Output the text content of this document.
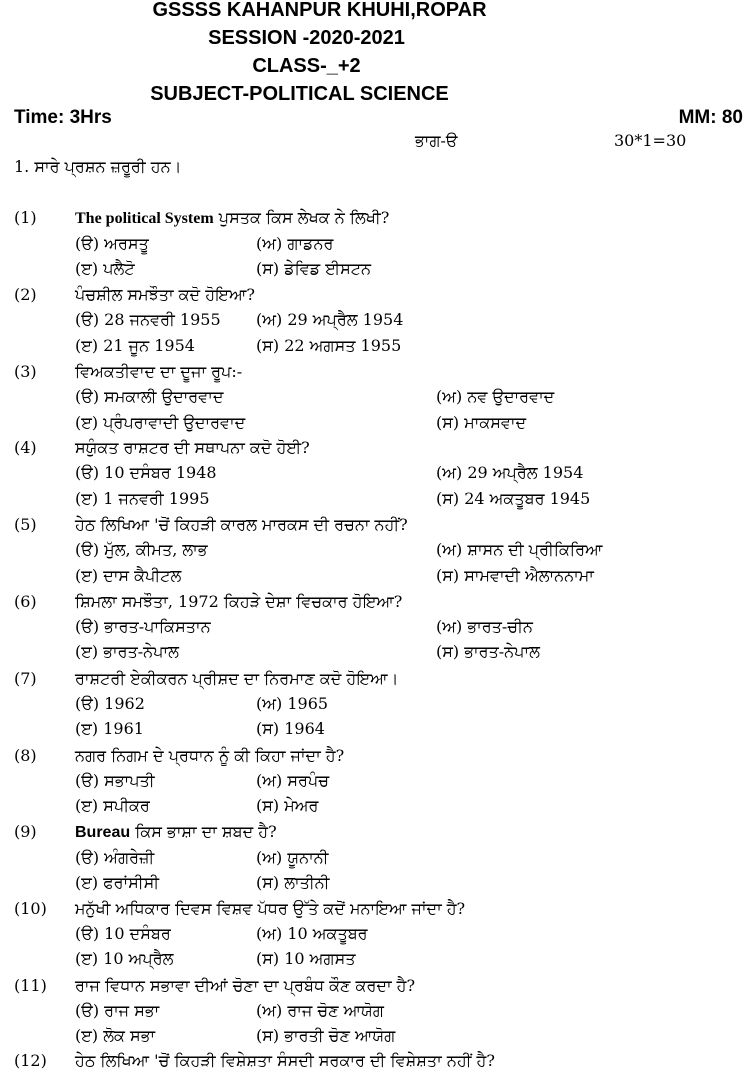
GSSSS KAHANPUR KHUHI,ROPAR
SESSION -2020-2021
CLASS-_+2
SUBJECT-POLITICAL SCIENCE
Time: 3Hrs	MM: 80
ਭਾਗ-ੳ	30*1=30
1. ਸਾਰੇ ਪ੍ਰਸ਼ਨ ਜ਼ਰੂਰੀ ਹਨ।
(1) The political System ਪੁਸਤਕ ਕਿਸ ਲੇਖਕ ਨੇ ਲਿਖੀ?
(ੳ) ਅਰਸਤੂ	(ਅ) ਗਾਡਨਰ
(ੲ) ਪਲੈਟੋ	(ਸ) ਡੇਵਿਡ ਈਸਟਨ
(2) ਪੰਚਸ਼ੀਲ ਸਮਝੌਤਾ ਕਦੋ ਹੋਇਆ?
(ੳ) 28 ਜਨਵਰੀ 1955 (ਅ) 29 ਅਪ੍ਰੈਲ 1954
(ੲ) 21 ਜੂਨ 1954	(ਸ) 22 ਅਗਸਤ 1955
(3) ਵਿਅਕਤੀਵਾਦ ਦਾ ਦੂਜਾ ਰੂਪ:-
(ੳ) ਸਮਕਾਲੀ ਉਦਾਰਵਾਦ	(ਅ) ਨਵ ਉਦਾਰਵਾਦ
(ੲ) ਪ੍ਰੰਪਰਾਵਾਦੀ ਉਦਾਰਵਾਦ	(ਸ) ਮਾਕਸਵਾਦ
(4) ਸਯੁੰਕਤ ਰਾਸ਼ਟਰ ਦੀ ਸਥਾਪਨਾ ਕਦੋ ਹੋਈ?
(ੳ) 10 ਦਸੰਬਰ 1948	(ਅ) 29 ਅਪ੍ਰੈਲ 1954
(ੲ) 1 ਜਨਵਰੀ 1995	(ਸ) 24 ਅਕਤੂਬਰ 1945
(5) ਹੇਠ ਲਿਖਿਆ 'ਚੋਂ ਕਿਹੜੀ ਕਾਰਲ ਮਾਰਕਸ ਦੀ ਰਚਨਾ ਨਹੀਂ?
(ੳ) ਮੁੱਲ, ਕੀਮਤ, ਲਾਭ	(ਅ) ਸ਼ਾਸਨ ਦੀ ਪ੍ਰੀਕਿਰਿਆ
(ੲ) ਦਾਸ ਕੈਪੀਟਲ	(ਸ) ਸਾਮਵਾਦੀ ਐਲਾਨਨਾਮਾ
(6) ਸ਼ਿਮਲਾ ਸਮਝੌਤਾ, 1972 ਕਿਹੜੇ ਦੇਸ਼ਾ ਵਿਚਕਾਰ ਹੋਇਆ?
(ੳ) ਭਾਰਤ-ਪਾਕਿਸਤਾਨ	(ਅ) ਭਾਰਤ-ਚੀਨ
(ੲ) ਭਾਰਤ-ਨੇਪਾਲ	(ਸ) ਭਾਰਤ-ਨੇਪਾਲ
(7) ਰਾਸ਼ਟਰੀ ਏਕੀਕਰਨ ਪ੍ਰੀਸ਼ਦ ਦਾ ਨਿਰਮਾਣ ਕਦੋ ਹੋਇਆ।
(ੳ) 1962	(ਅ) 1965
(ੲ) 1961	(ਸ) 1964
(8) ਨਗਰ ਨਿਗਮ ਦੇ ਪ੍ਰਧਾਨ ਨੂੰ ਕੀ ਕਿਹਾ ਜਾਂਦਾ ਹੈ?
(ੳ) ਸਭਾਪਤੀ	(ਅ) ਸਰਪੰਚ
(ੲ) ਸਪੀਕਰ	(ਸ) ਮੇਅਰ
(9) Bureau ਕਿਸ ਭਾਸ਼ਾ ਦਾ ਸ਼ਬਦ ਹੈ?
(ੳ) ਅੰਗਰੇਜ਼ੀ	(ਅ) ਯੂਨਾਨੀ
(ੲ) ਫਰਾਂਸੀਸੀ	(ਸ) ਲਾਤੀਨੀ
(10) ਮਨੁੱਖੀ ਅਧਿਕਾਰ ਦਿਵਸ ਵਿਸ਼ਵ ਪੱਧਰ ਉੱਤੇ ਕਦੋਂ ਮਨਾਇਆ ਜਾਂਦਾ ਹੈ?
(ੳ) 10 ਦਸੰਬਰ	(ਅ) 10 ਅਕਤੂਬਰ
(ੲ) 10 ਅਪ੍ਰੈਲ	(ਸ) 10 ਅਗਸਤ
(11) ਰਾਜ ਵਿਧਾਨ ਸਭਾਵਾ ਦੀਆਂ ਚੋਣਾ ਦਾ ਪ੍ਰਬੰਧ ਕੌਣ ਕਰਦਾ ਹੈ?
(ੳ) ਰਾਜ ਸਭਾ	(ਅ) ਰਾਜ ਚੋਣ ਆਯੋਗ
(ੲ) ਲੋਕ ਸਭਾ	(ਸ) ਭਾਰਤੀ ਚੋਣ ਆਯੋਗ
(12) ਹੇਠ ਲਿਖਿਆ 'ਚੋਂ ਕਿਹੜੀ ਵਿਸ਼ੇਸ਼ਤਾ ਸੰਸਦੀ ਸਰਕਾਰ ਦੀ ਵਿਸ਼ੇਸ਼ਤਾ ਨਹੀਂ ਹੈ?
